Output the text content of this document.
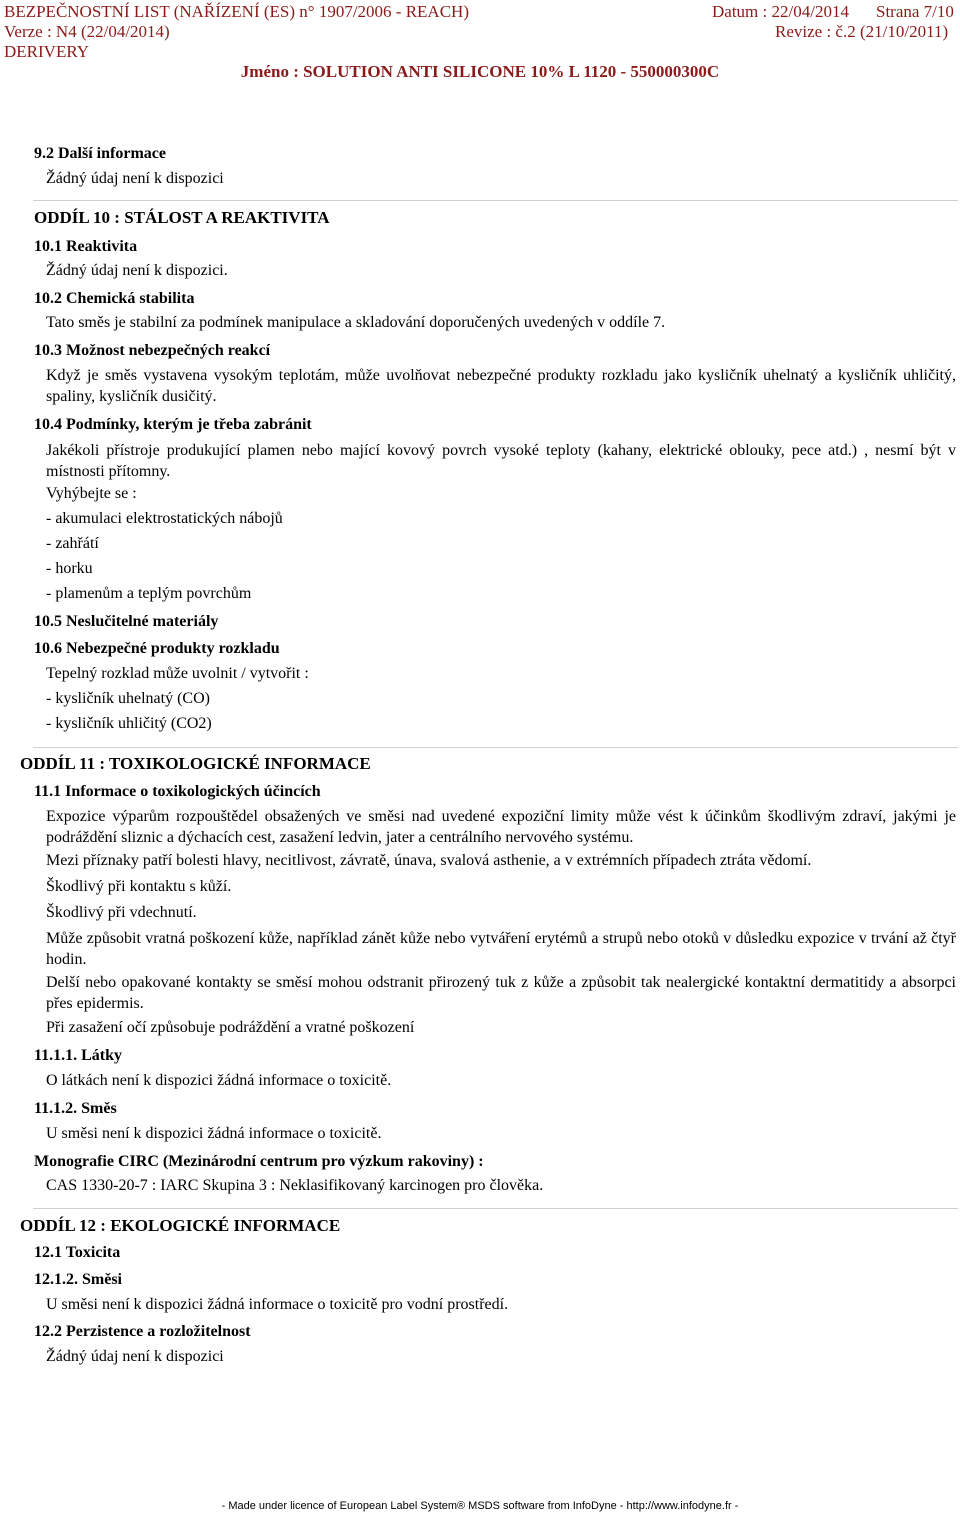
BEZPEČNOSTNÍ LIST (NAŘÍZENÍ (ES) n° 1907/2006 - REACH)	Datum : 22/04/2014 Strana 7/10
Verze : N4 (22/04/2014)	Revize : č.2 (21/10/2011)
DERIVERY
Jméno : SOLUTION ANTI SILICONE 10% L 1120 - 550000300C
9.2 Další informace
Žádný údaj není k dispozici
ODDÍL 10 : STÁLOST A REAKTIVITA
10.1 Reaktivita
Žádný údaj není k dispozici.
10.2 Chemická stabilita
Tato směs je stabilní za podmínek manipulace a skladování doporučených uvedených v oddíle 7.
10.3 Možnost nebezpečných reakcí
Když je směs vystavena vysokým teplotám, může uvolňovat nebezpečné produkty rozkladu jako kysličník uhelnatý a kysličník uhličitý, spaliny, kysličník dusičitý.
10.4 Podmínky, kterým je třeba zabránit
Jakékoli přístroje produkující plamen nebo mající kovový povrch vysoké teploty (kahany, elektrické oblouky, pece atd.) , nesmí být v místnosti přítomny.
Vyhýbejte se :
- akumulaci elektrostatických nábojů
- zahřátí
- horku
- plamenům a teplým povrchům
10.5 Neslučitelné materiály
10.6 Nebezpečné produkty rozkladu
Tepelný rozklad může uvolnit / vytvořit :
- kysličník uhelnatý (CO)
- kysličník uhličitý (CO2)
ODDÍL 11 : TOXIKOLOGICKÉ INFORMACE
11.1 Informace o toxikologických účincích
Expozice výparům rozpouštědel obsažených ve směsi nad uvedené expoziční limity může vést k účinkům škodlivým zdraví, jakými je podráždění sliznic a dýchacích cest, zasažení ledvin, jater a centrálního nervového systému.
Mezi příznaky patří bolesti hlavy, necitlivost, závratě, únava, svalová asthenie, a v extrémních případech ztráta vědomí.
Škodlivý při kontaktu s kůží.
Škodlivý při vdechnutí.
Může způsobit vratná poškození kůže, například zánět kůže nebo vytváření erytémů a strupů nebo otoků v důsledku expozice v trvání až čtyř hodin.
Delší nebo opakované kontakty se směsí mohou odstranit přirozený tuk z kůže a způsobit tak nealergické kontaktní dermatitidy a absorpci přes epidermis.
Při zasažení očí způsobuje podráždění a vratné poškození
11.1.1. Látky
O látkách není k dispozici žádná informace o toxicitě.
11.1.2. Směs
U směsi není k dispozici žádná informace o toxicitě.
Monografie CIRC (Mezinárodní centrum pro výzkum rakoviny) :
CAS 1330-20-7 : IARC Skupina 3 : Neklasifikovaný karcinogen pro člověka.
ODDÍL 12 : EKOLOGICKÉ INFORMACE
12.1 Toxicita
12.1.2. Směsi
U směsi není k dispozici žádná informace o toxicitě pro vodní prostředí.
12.2 Perzistence a rozložitelnost
Žádný údaj není k dispozici
- Made under licence of European Label System® MSDS software from InfoDyne - http://www.infodyne.fr -
